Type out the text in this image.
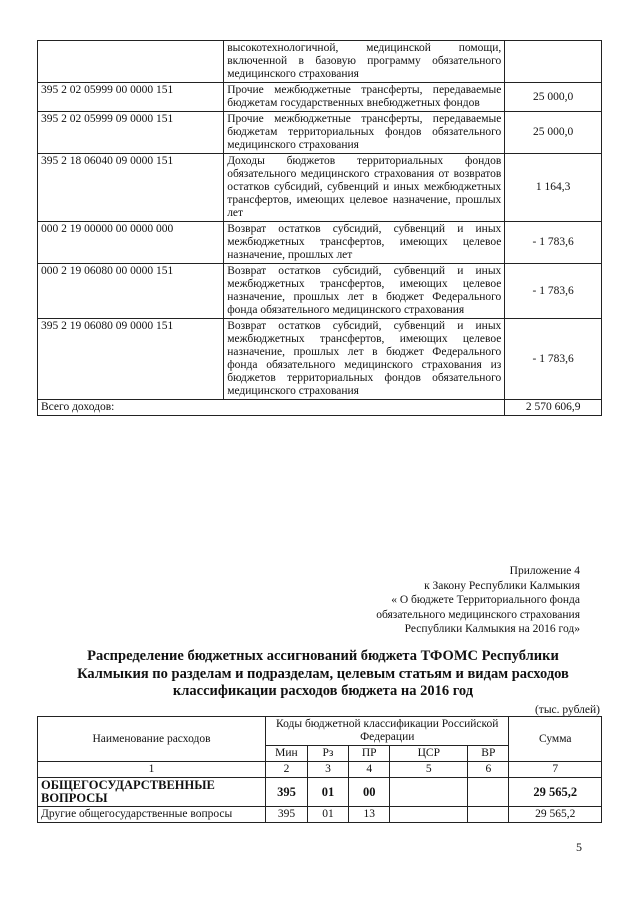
	высокотехнологичной, медицинской помощи, включенной в базовую программу обязательного медицинского страхования	
395 2 02 05999 00 0000 151	Прочие межбюджетные трансферты, передаваемые бюджетам государственных внебюджетных фондов	25 000,0
395 2 02 05999 09 0000 151	Прочие межбюджетные трансферты, передаваемые бюджетам территориальных фондов обязательного медицинского страхования	25 000,0
395 2 18 06040 09 0000 151	Доходы бюджетов территориальных фондов обязательного медицинского страхования от возвратов остатков субсидий, субвенций и иных межбюджетных трансфертов, имеющих целевое назначение, прошлых лет	1 164,3
000 2 19 00000 00 0000 000	Возврат остатков субсидий, субвенций и иных межбюджетных трансфертов, имеющих целевое назначение, прошлых лет	- 1 783,6
000 2 19 06080 00 0000 151	Возврат остатков субсидий, субвенций и иных межбюджетных трансфертов, имеющих целевое назначение, прошлых лет в бюджет Федерального фонда обязательного медицинского страхования	- 1 783,6
395 2 19 06080 09 0000 151	Возврат остатков субсидий, субвенций и иных межбюджетных трансфертов, имеющих целевое назначение, прошлых лет в бюджет Федерального фонда обязательного медицинского страхования из бюджетов территориальных фондов обязательного медицинского страхования	- 1 783,6
Всего доходов:		2 570 606,9
Приложение 4
к Закону Республики Калмыкия
« О бюджете Территориального фонда
обязательного медицинского страхования
Республики Калмыкия на 2016 год»
Распределение бюджетных ассигнований бюджета ТФОМС Республики
Калмыкия по разделам и подразделам, целевым статьям и видам расходов
классификации расходов бюджета на 2016 год
(тыс. рублей)
Наименование расходов	Коды бюджетной классификации Российской Федерации					Сумма
	Мин	Рз	ПР	ЦСР	ВР	
1	2	3	4	5	6	7
ОБЩЕГОСУДАРСТВЕННЫЕ ВОПРОСЫ	395	01	00			29 565,2
Другие общегосударственные вопросы	395	01	13			29 565,2
5
